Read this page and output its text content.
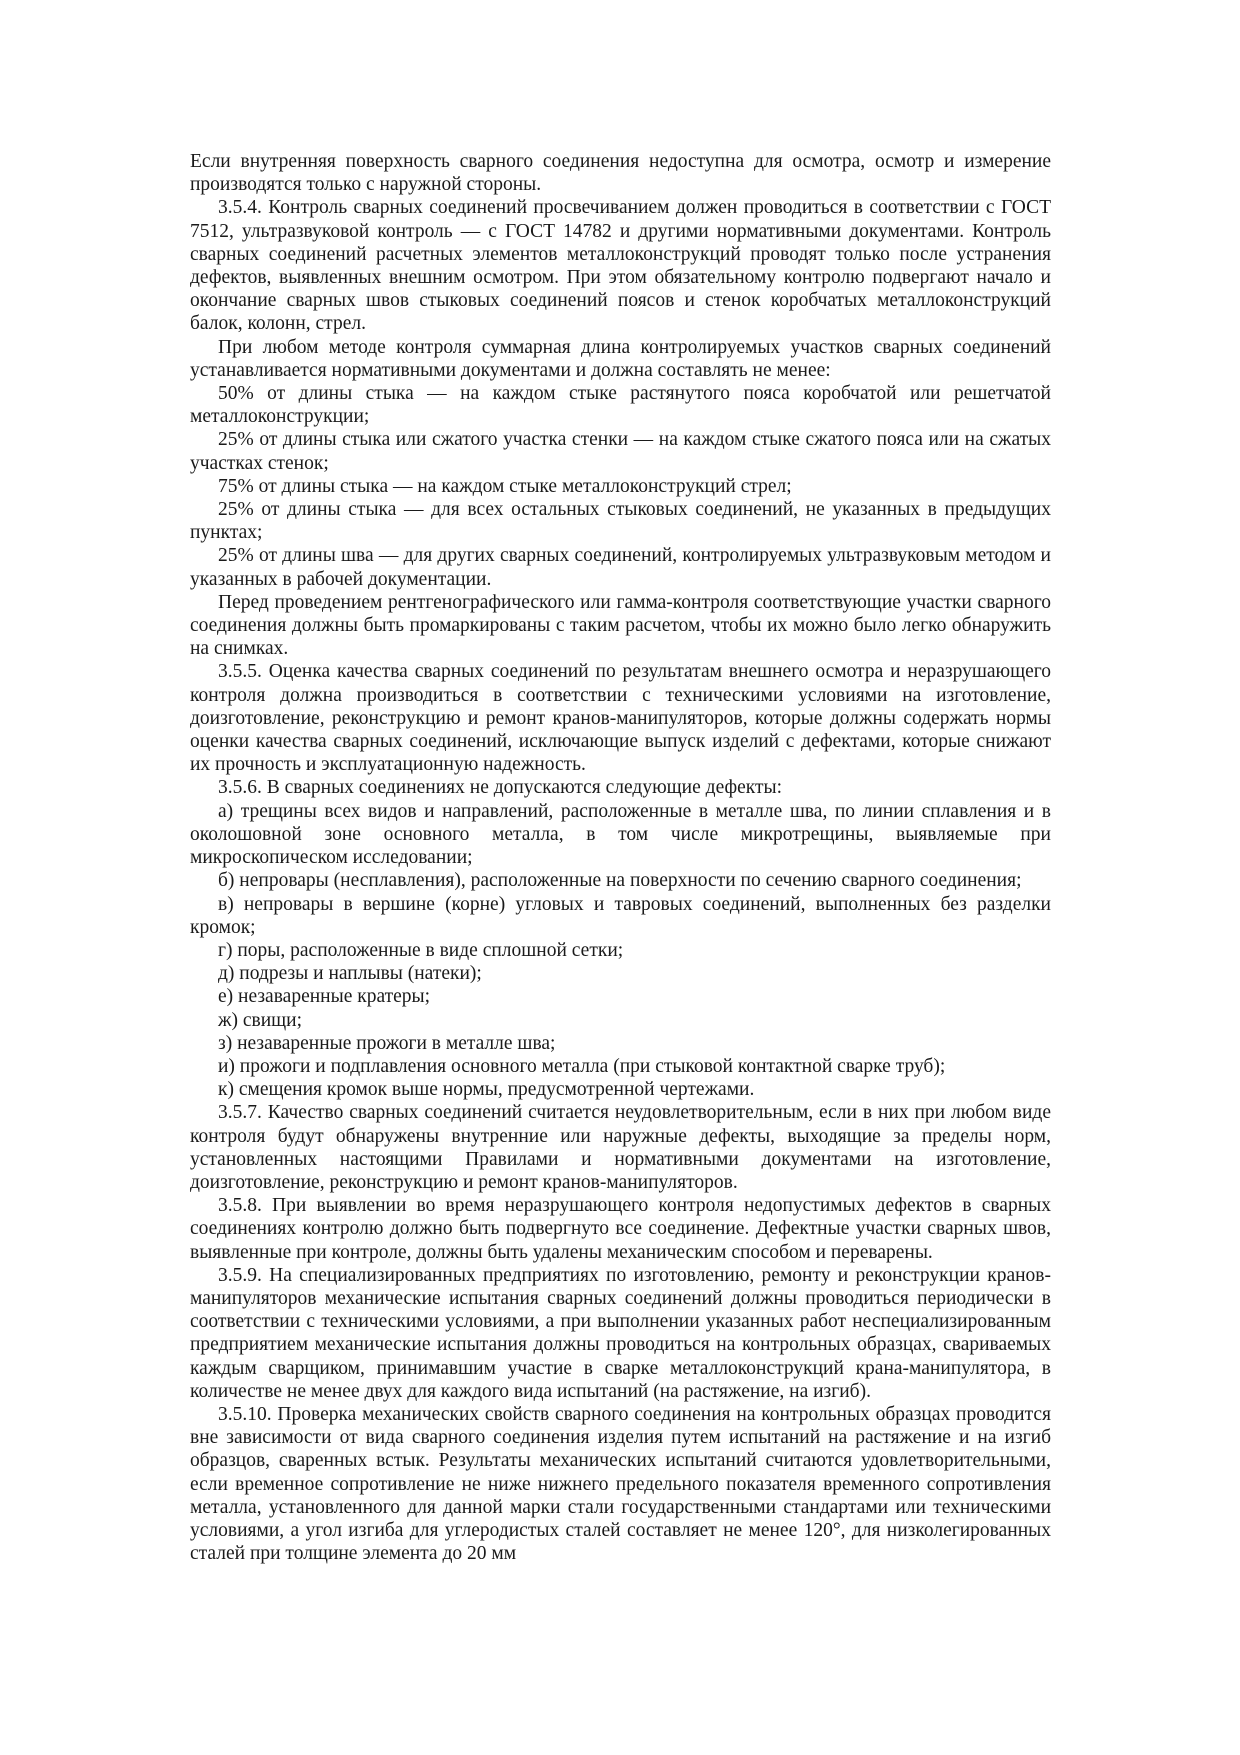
Если внутренняя поверхность сварного соединения недоступна для осмотра, осмотр и измерение производятся только с наружной стороны.

3.5.4. Контроль сварных соединений просвечиванием должен проводиться в соответствии с ГОСТ 7512, ультразвуковой контроль — с ГОСТ 14782 и другими нормативными документами. Контроль сварных соединений расчетных элементов металлоконструкций проводят только после устранения дефектов, выявленных внешним осмотром. При этом обязательному контролю подвергают начало и окончание сварных швов стыковых соединений поясов и стенок коробчатых металлоконструкций балок, колонн, стрел.

При любом методе контроля суммарная длина контролируемых участков сварных соединений устанавливается нормативными документами и должна составлять не менее:

50% от длины стыка — на каждом стыке растянутого пояса коробчатой или решетчатой металлоконструкции;

25% от длины стыка или сжатого участка стенки — на каждом стыке сжатого пояса или на сжатых участках стенок;

75% от длины стыка — на каждом стыке металлоконструкций стрел;

25% от длины стыка — для всех остальных стыковых соединений, не указанных в предыдущих пунктах;

25% от длины шва — для других сварных соединений, контролируемых ультразвуковым методом и указанных в рабочей документации.

Перед проведением рентгенографического или гамма-контроля соответствующие участки сварного соединения должны быть промаркированы с таким расчетом, чтобы их можно было легко обнаружить на снимках.

3.5.5. Оценка качества сварных соединений по результатам внешнего осмотра и неразрушающего контроля должна производиться в соответствии с техническими условиями на изготовление, доизготовление, реконструкцию и ремонт кранов-манипуляторов, которые должны содержать нормы оценки качества сварных соединений, исключающие выпуск изделий с дефектами, которые снижают их прочность и эксплуатационную надежность.

3.5.6. В сварных соединениях не допускаются следующие дефекты:

а) трещины всех видов и направлений, расположенные в металле шва, по линии сплавления и в околошовной зоне основного металла, в том числе микротрещины, выявляемые при микроскопическом исследовании;

б) непровары (несплавления), расположенные на поверхности по сечению сварного соединения;

в) непровары в вершине (корне) угловых и тавровых соединений, выполненных без разделки кромок;

г) поры, расположенные в виде сплошной сетки;

д) подрезы и наплывы (натеки);

е) незаваренные кратеры;

ж) свищи;

з) незаваренные прожоги в металле шва;

и) прожоги и подплавления основного металла (при стыковой контактной сварке труб);

к) смещения кромок выше нормы, предусмотренной чертежами.

3.5.7. Качество сварных соединений считается неудовлетворительным, если в них при любом виде контроля будут обнаружены внутренние или наружные дефекты, выходящие за пределы норм, установленных настоящими Правилами и нормативными документами на изготовление, доизготовление, реконструкцию и ремонт кранов-манипуляторов.

3.5.8. При выявлении во время неразрушающего контроля недопустимых дефектов в сварных соединениях контролю должно быть подвергнуто все соединение. Дефектные участки сварных швов, выявленные при контроле, должны быть удалены механическим способом и переварены.

3.5.9. На специализированных предприятиях по изготовлению, ремонту и реконструкции кранов-манипуляторов механические испытания сварных соединений должны проводиться периодически в соответствии с техническими условиями, а при выполнении указанных работ неспециализированным предприятием механические испытания должны проводиться на контрольных образцах, свариваемых каждым сварщиком, принимавшим участие в сварке металлоконструкций крана-манипулятора, в количестве не менее двух для каждого вида испытаний (на растяжение, на изгиб).

3.5.10. Проверка механических свойств сварного соединения на контрольных образцах проводится вне зависимости от вида сварного соединения изделия путем испытаний на растяжение и на изгиб образцов, сваренных встык. Результаты механических испытаний считаются удовлетворительными, если временное сопротивление не ниже нижнего предельного показателя временного сопротивления металла, установленного для данной марки стали государственными стандартами или техническими условиями, а угол изгиба для углеродистых сталей составляет не менее 120°, для низколегированных сталей при толщине элемента до 20 мм
